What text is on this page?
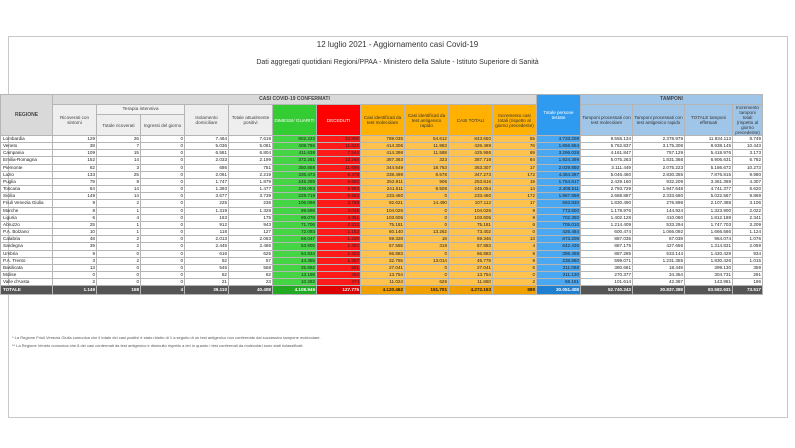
12 luglio 2021 - Aggiornamento casi Covid-19
Dati aggregati quotidiani Regioni/PPAA - Ministero della Salute - Istituto Superiore di Sanità
REGIONE	CASI COVID-19 CONFERMATI											Totale persone testate	TAMPONI			
	Ricoverati con sintomi	Terapia intensiva		Isolamento domiciliare	Totale attualmente positivi	DIMESSI/ GUARITI	DECEDUTI	Casi identificati da test molecolare	Casi identificati da test antigenico rapido	CASI TOTALI	Incremento casi totali (rispetto al giorno precedente)		Tamponi processati con test molecolare	Tamponi processati con test antigenico rapido	TOTALE tamponi effettuati	Incremento tamponi totali (rispetto al giorno precedente)
		Totale ricoverati	Ingressi del giorno													
Lombardia	129	26	0	7.464	7.619	802.222	33.806	789.035	54.612	843.650	55	4.733.209	9.555.134	2.378.979	11.934.113	8.749
Veneto	38	7	0	5.036	5.081	409.786	11.622	414.306	11.983	426.489	76	1.856.654	5.762.837	3.175.308	8.938.145	10.443
Campania	109	15	0	6.581	6.804	411.638	7.544	414.398	11.588	425.986	69	3.296.028	4.161.847	757.129	5.418.976	3.173
Emilia-Romagna	152	14	0	2.033	2.199	372.251	13.268	387.363	323	387.718	64	1.924.399	5.075.263	1.831.368	6.906.631	6.782
Piemonte	62	3	0	686	751	350.858	11.698	344.549	18.763	363.307	17	2.029.850	3.111.449	2.075.223	5.186.672	10.273
Lazio	133	25	0	2.061	2.219	336.473	8.378	338.499	8.578	347.273	172	4.484.397	5.046.460	2.830.355	7.876.815	9.980
Puglia	79	9	0	1.747	1.879	245.295	6.650	252.911	905	253.816	19	1.754.617	2.429.160	932.209	3.361.369	4.307
Toscana	64	14	0	1.393	1.477	236.053	6.993	241.511	9.508	245.054	14	2.408.511	2.793.729	1.947.648	4.741.377	5.620
Sicilia	149	14	0	3.577	3.739	229.719	5.992	233.460	0	233.460	172	1.967.898	2.688.887	2.333.680	5.022.567	9.869
Friuli Venezia Giulia	9	2	0	225	236	106.098	3.789	92.621	14.490	107.112	17	693.830	1.830.490	276.898	2.107.388	3.106
Marche	8	1	0	1.319	1.328	99.698	3.048	104.026	0	104.026	9	773.800	1.178.976	144.924	1.323.900	2.022
Liguria	6	4	0	163	175	99.078	4.351	103.605	0	103.605	9	702.350	1.402.128	410.060	1.812.188	2.341
Abruzzo	25	1	0	912	943	71.706	2.532	75.181	0	75.181	6	705.010	1.214.409	533.294	1.747.703	3.209
P.A. Bolzano	10	1	0	118	127	72.093	1.182	60.140	13.262	73.402	0	426.484	600.474	1.066.092	1.666.566	1.124
Calabria	48	2	0	2.013	2.063	68.047	1.236	69.328	18	69.346	13	673.208	887.035	67.039	954.074	1.076
Sardegna	39	2	0	2.445	2.486	53.905	1.492	57.565	318	57.883	4	642.436	887.175	427.656	1.314.831	2.059
Umbria	9	0	0	616	625	54.834	1.424	56.883	0	56.883	8	396.458	887.285	533.144	1.420.429	934
P.A. Trento	3	2	0	52	57	44.355	1.367	32.765	13.014	45.779	9	238.860	599.071	1.231.355	1.830.426	1.015
Basilicata	13	0	0	545	558	25.892	591	27.041	0	27.041	6	211.068	380.681	18.449	399.130	359
Molise	0	0	0	62	62	13.198	494	13.754	0	13.754	0	211.130	270.377	34.354	304.731	291
Valle d'Aosta	2	0	0	21	23	10.293	474	11.024	626	11.650	2	68.151	101.614	42.367	143.981	196
TOTALE	1.149	158	4	39.110	40.408	4.108.949	127.775	4.120.462	151.701	4.272.163	888	30.051.408	52.740.243	30.837.388	83.582.631	73.517
* La Regione Friuli Venezia Giulia comunica che il totale dei casi positivi è stato ridotto di 1 a seguito di un test antigenico non confermato dal successivo tampone molecolare.
** La Regione Veneto comunica che 8 dei casi confermati da test antigenico è diminuito rispetto a ieri in quanto i test confermati da molecolari sono stati riclassificati.
